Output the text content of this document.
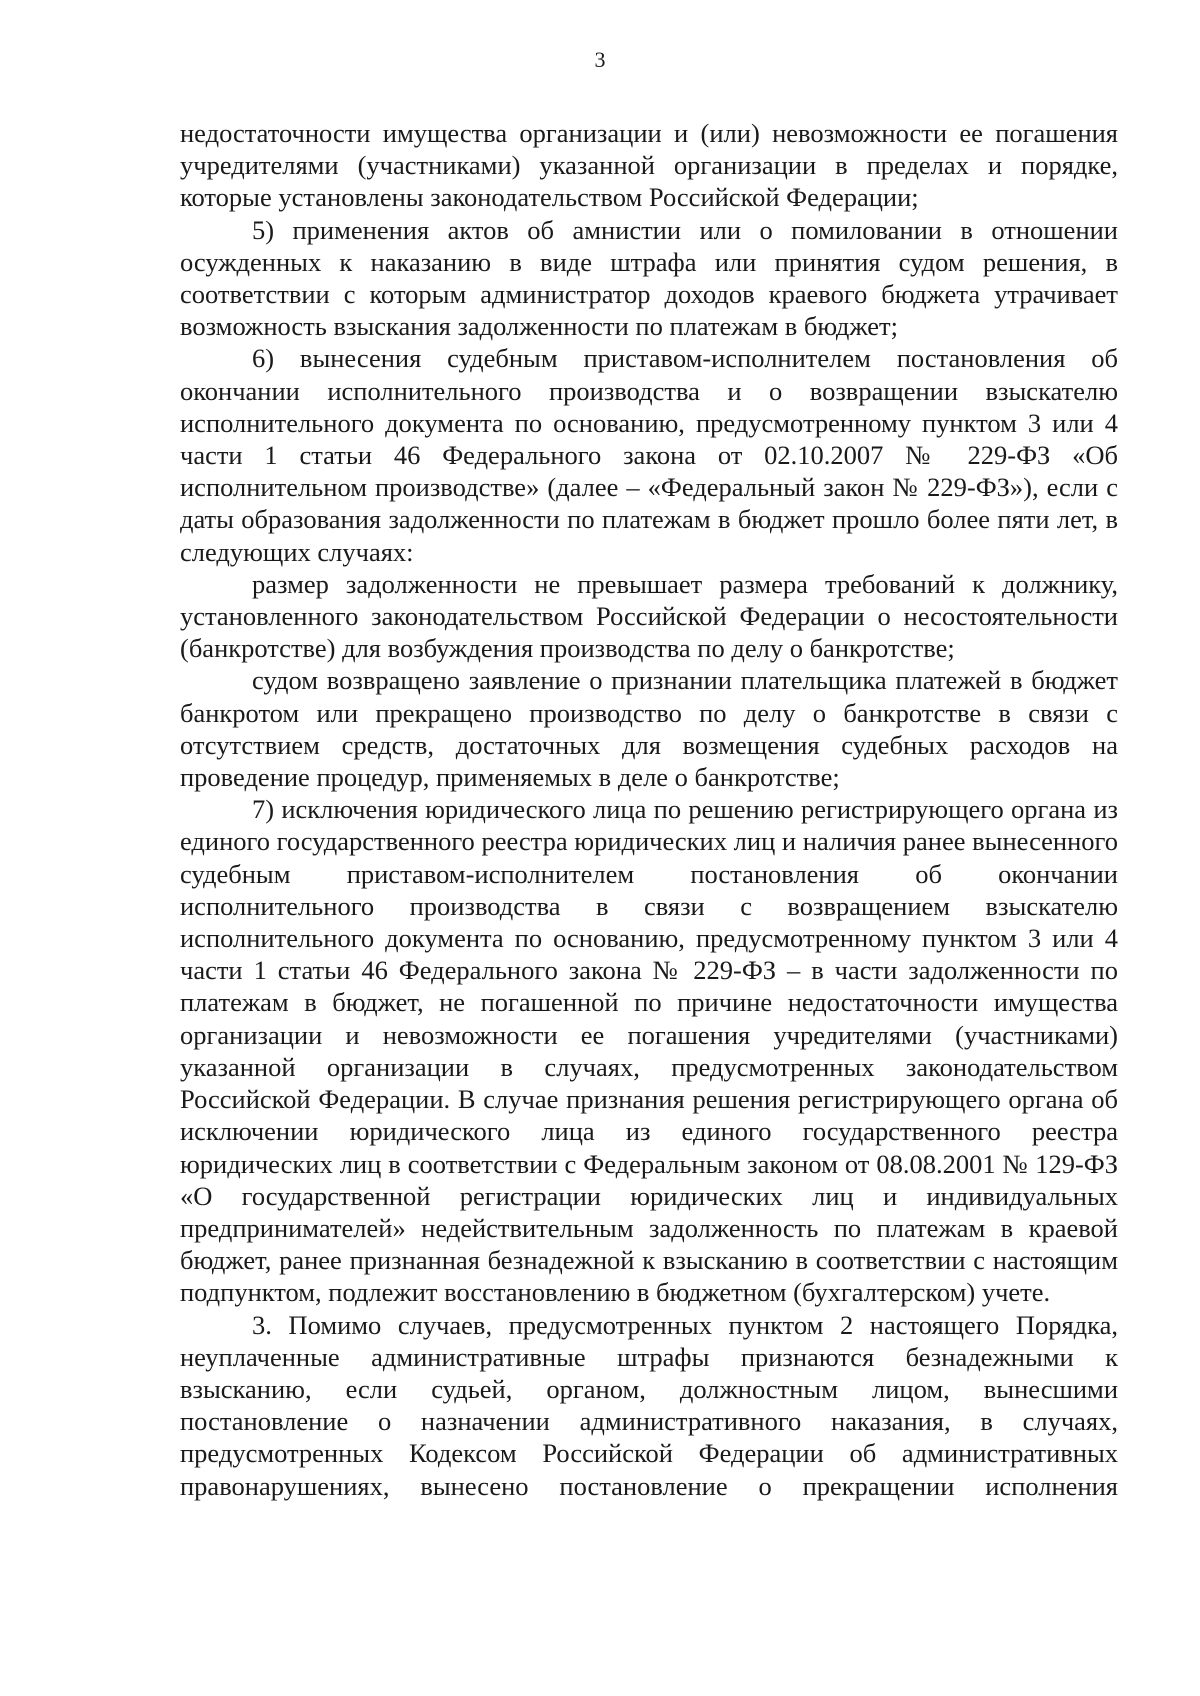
3

недостаточности имущества организации и (или) невозможности ее погашения учредителями (участниками) указанной организации в пределах и порядке, которые установлены законодательством Российской Федерации;

5) применения актов об амнистии или о помиловании в отношении осужденных к наказанию в виде штрафа или принятия судом решения, в соответствии с которым администратор доходов краевого бюджета утрачивает возможность взыскания задолженности по платежам в бюджет;

6) вынесения судебным приставом-исполнителем постановления об окончании исполнительного производства и о возвращении взыскателю исполнительного документа по основанию, предусмотренному пунктом 3 или 4 части 1 статьи 46 Федерального закона от 02.10.2007 № 229-ФЗ «Об исполнительном производстве» (далее – «Федеральный закон № 229-ФЗ»), если с даты образования задолженности по платежам в бюджет прошло более пяти лет, в следующих случаях:

размер задолженности не превышает размера требований к должнику, установленного законодательством Российской Федерации о несостоятельности (банкротстве) для возбуждения производства по делу о банкротстве;

судом возвращено заявление о признании плательщика платежей в бюджет банкротом или прекращено производство по делу о банкротстве в связи с отсутствием средств, достаточных для возмещения судебных расходов на проведение процедур, применяемых в деле о банкротстве;

7) исключения юридического лица по решению регистрирующего органа из единого государственного реестра юридических лиц и наличия ранее вынесенного судебным приставом-исполнителем постановления об окончании исполнительного производства в связи с возвращением взыскателю исполнительного документа по основанию, предусмотренному пунктом 3 или 4 части 1 статьи 46 Федерального закона № 229-ФЗ – в части задолженности по платежам в бюджет, не погашенной по причине недостаточности имущества организации и невозможности ее погашения учредителями (участниками) указанной организации в случаях, предусмотренных законодательством Российской Федерации. В случае признания решения регистрирующего органа об исключении юридического лица из единого государственного реестра юридических лиц в соответствии с Федеральным законом от 08.08.2001 № 129-ФЗ «О государственной регистрации юридических лиц и индивидуальных предпринимателей» недействительным задолженность по платежам в краевой бюджет, ранее признанная безнадежной к взысканию в соответствии с настоящим подпунктом, подлежит восстановлению в бюджетном (бухгалтерском) учете.

3. Помимо случаев, предусмотренных пунктом 2 настоящего Порядка, неуплаченные административные штрафы признаются безнадежными к взысканию, если судьей, органом, должностным лицом, вынесшими постановление о назначении административного наказания, в случаях, предусмотренных Кодексом Российской Федерации об административных правонарушениях, вынесено постановление о прекращении исполнения
